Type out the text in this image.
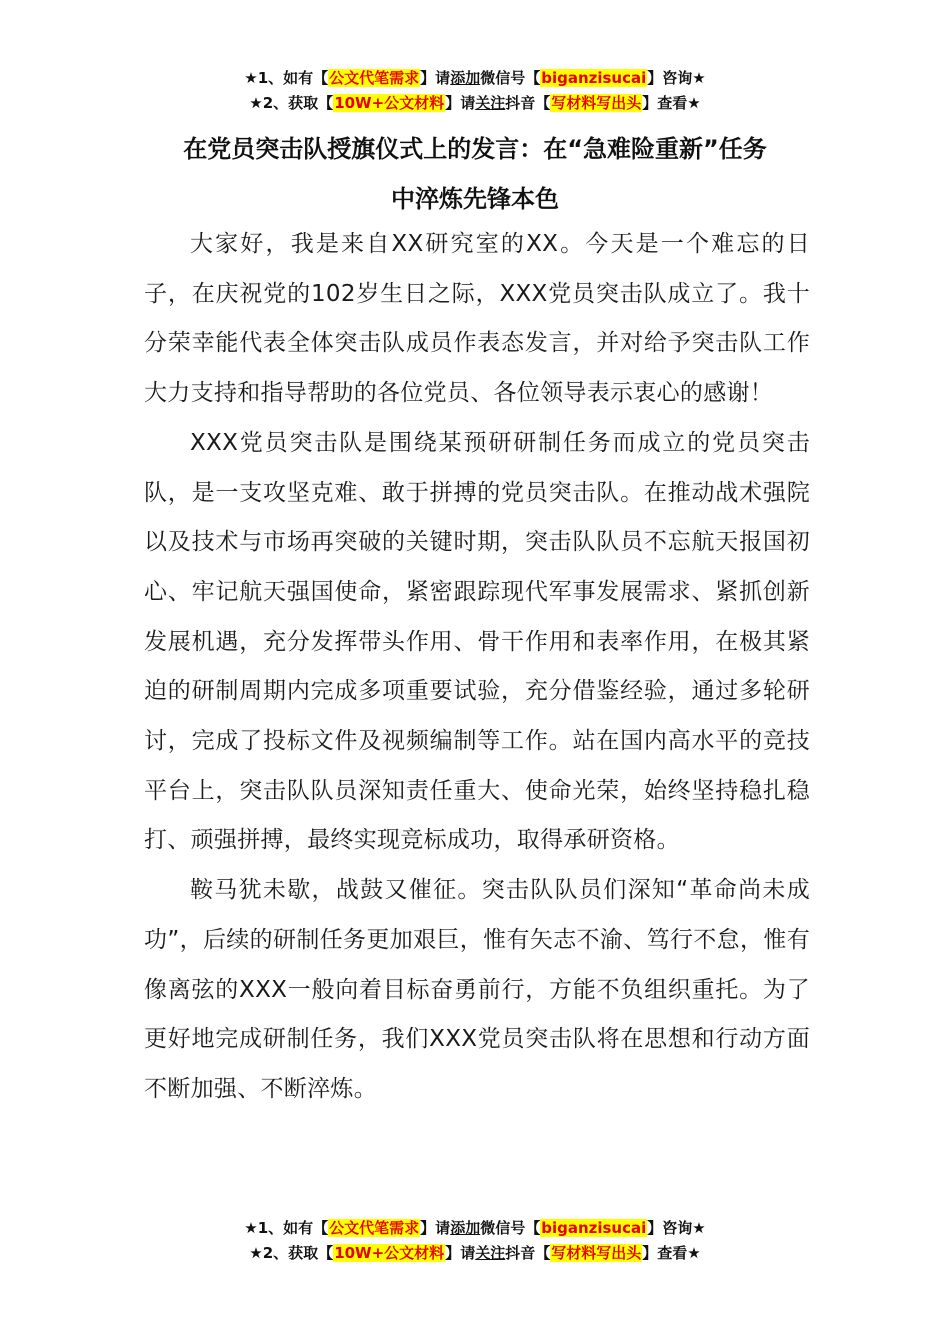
★1、如有【公文代笔需求】请添加微信号【biganzisucai】咨询★
★2、获取【10W+公文材料】请关注抖音【写材料写出头】查看★
在党员突击队授旗仪式上的发言：在“急难险重新”任务
中淬炼先锋本色

大家好，我是来自XX研究室的XX。今天是一个难忘的日子，在庆祝党的102岁生日之际，XXX党员突击队成立了。我十分荣幸能代表全体突击队成员作表态发言，并对给予突击队工作大力支持和指导帮助的各位党员、各位领导表示衷心的感谢！

XXX党员突击队是围绕某预研研制任务而成立的党员突击队，是一支攻坚克难、敢于拼搏的党员突击队。在推动战术强院以及技术与市场再突破的关键时期，突击队队员不忘航天报国初心、牢记航天强国使命，紧密跟踪现代军事发展需求、紧抓创新发展机遇，充分发挥带头作用、骨干作用和表率作用，在极其紧迫的研制周期内完成多项重要试验，充分借鉴经验，通过多轮研讨，完成了投标文件及视频编制等工作。站在国内高水平的竞技平台上，突击队队员深知责任重大、使命光荣，始终坚持稳扎稳打、顽强拼搏，最终实现竞标成功，取得承研资格。

鞍马犹未歇，战鼓又催征。突击队队员们深知“革命尚未成功”，后续的研制任务更加艰巨，惟有矢志不渝、笃行不怠，惟有像离弦的XXX一般向着目标奋勇前行，方能不负组织重托。为了更好地完成研制任务，我们XXX党员突击队将在思想和行动方面不断加强、不断淬炼。

★1、如有【公文代笔需求】请添加微信号【biganzisucai】咨询★
★2、获取【10W+公文材料】请关注抖音【写材料写出头】查看★
